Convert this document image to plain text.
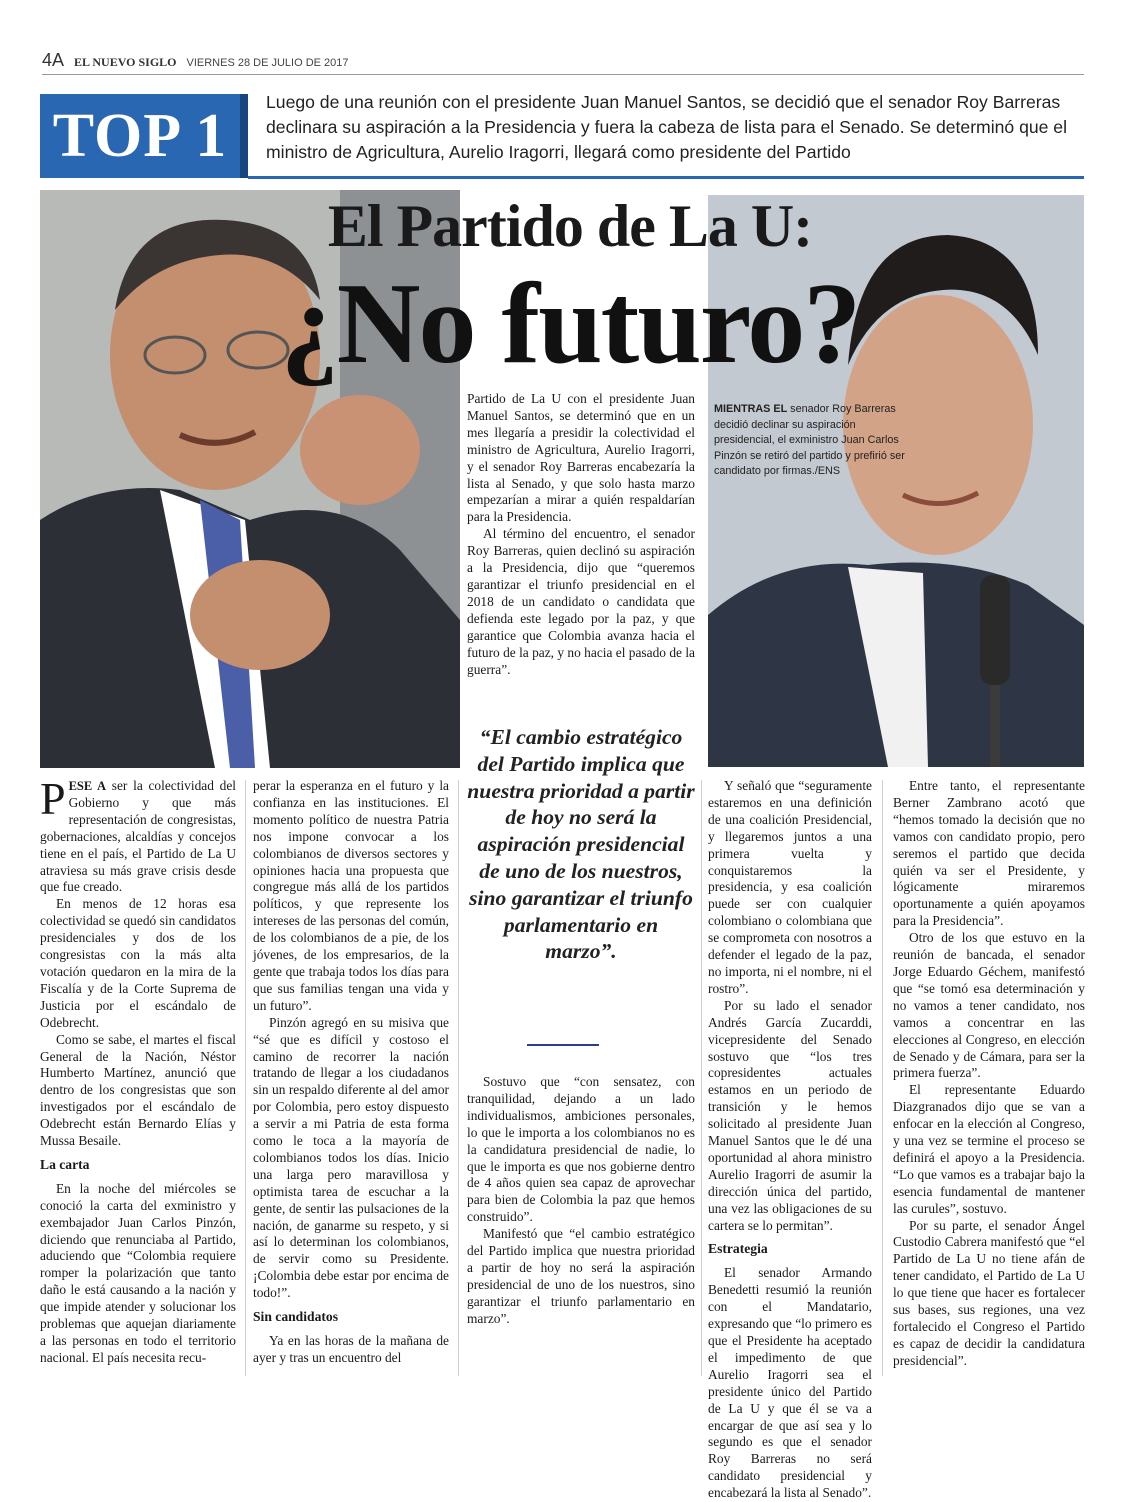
4A EL NUEVO SIGLO VIERNES 28 DE JULIO DE 2017
TOP 1 Luego de una reunión con el presidente Juan Manuel Santos, se decidió que el senador Roy Barreras declinara su aspiración a la Presidencia y fuera la cabeza de lista para el Senado. Se determinó que el ministro de Agricultura, Aurelio Iragorri, llegará como presidente del Partido
El Partido de La U:
¿No futuro?
MIENTRAS EL senador Roy Barreras decidió declinar su aspiración presidencial, el exministro Juan Carlos Pinzón se retiró del partido y prefirió ser candidato por firmas./ENS

Partido de La U con el presidente Juan Manuel Santos, se determinó que en un mes llegaría a presidir la colectividad el ministro de Agricultura, Aurelio Iragorri, y el senador Roy Barreras encabezaría la lista al Senado, y que solo hasta marzo empezarían a mirar a quién respaldarían para la Presidencia.

Al término del encuentro, el senador Roy Barreras, quien declinó su aspiración a la Presidencia, dijo que “queremos garantizar el triunfo presidencial en el 2018 de un candidato o candidata que defienda este legado por la paz, y que garantice que Colombia avanza hacia el futuro de la paz, y no hacia el pasado de la guerra”.

“El cambio estratégico del Partido implica que nuestra prioridad a partir de hoy no será la aspiración presidencial de uno de los nuestros, sino garantizar el triunfo parlamentario en marzo”.

PESE A ser la colectividad del Gobierno y que más representación de congresistas, gobernaciones, alcaldías y concejos tiene en el país, el Partido de La U atraviesa su más grave crisis desde que fue creado.

En menos de 12 horas esa colectividad se quedó sin candidatos presidenciales y dos de los congresistas con la más alta votación quedaron en la mira de la Fiscalía y de la Corte Suprema de Justicia por el escándalo de Odebrecht.

Como se sabe, el martes el fiscal General de la Nación, Néstor Humberto Martínez, anunció que dentro de los congresistas que son investigados por el escándalo de Odebrecht están Bernardo Elías y Mussa Besaile.

La carta

En la noche del miércoles se conoció la carta del exministro y exembajador Juan Carlos Pinzón, diciendo que renunciaba al Partido, aduciendo que “Colombia requiere romper la polarización que tanto daño le está causando a la nación y que impide atender y solucionar los problemas que aquejan diariamente a las personas en todo el territorio nacional. El país necesita recu-

perar la esperanza en el futuro y la confianza en las instituciones. El momento político de nuestra Patria nos impone convocar a los colombianos de diversos sectores y opiniones hacia una propuesta que congregue más allá de los partidos políticos, y que represente los intereses de las personas del común, de los colombianos de a pie, de los jóvenes, de los empresarios, de la gente que trabaja todos los días para que sus familias tengan una vida y un futuro”.

Pinzón agregó en su misiva que “sé que es difícil y costoso el camino de recorrer la nación tratando de llegar a los ciudadanos sin un respaldo diferente al del amor por Colombia, pero estoy dispuesto a servir a mi Patria de esta forma como le toca a la mayoría de colombianos todos los días. Inicio una larga pero maravillosa y optimista tarea de escuchar a la gente, de sentir las pulsaciones de la nación, de ganarme su respeto, y si así lo determinan los colombianos, de servir como su Presidente. ¡Colombia debe estar por encima de todo!”.

Sin candidatos

Ya en las horas de la mañana de ayer y tras un encuentro del

Sostuvo que “con sensatez, con tranquilidad, dejando a un lado individualismos, ambiciones personales, lo que le importa a los colombianos no es la candidatura presidencial de nadie, lo que le importa es que nos gobierne dentro de 4 años quien sea capaz de aprovechar para bien de Colombia la paz que hemos construido”.

Manifestó que “el cambio estratégico del Partido implica que nuestra prioridad a partir de hoy no será la aspiración presidencial de uno de los nuestros, sino garantizar el triunfo parlamentario en marzo”.

Y señaló que “seguramente estaremos en una definición de una coalición Presidencial, y llegaremos juntos a una primera vuelta y conquistaremos la presidencia, y esa coalición puede ser con cualquier colombiano o colombiana que se comprometa con nosotros a defender el legado de la paz, no importa, ni el nombre, ni el rostro”.

Por su lado el senador Andrés García Zucarddi, vicepresidente del Senado sostuvo que “los tres copresidentes actuales estamos en un periodo de transición y le hemos solicitado al presidente Juan Manuel Santos que le dé una oportunidad al ahora ministro Aurelio Iragorri de asumir la dirección única del partido, una vez las obligaciones de su cartera se lo permitan”.

Estrategia

El senador Armando Benedetti resumió la reunión con el Mandatario, expresando que “lo primero es que el Presidente ha aceptado el impedimento de que Aurelio Iragorri sea el presidente único del Partido de La U y que él se va a encargar de que así sea y lo segundo es que el senador Roy Barreras no será candidato presidencial y encabezará la lista al Senado”.

Entre tanto, el representante Berner Zambrano acotó que “hemos tomado la decisión que no vamos con candidato propio, pero seremos el partido que decida quién va ser el Presidente, y lógicamente miraremos oportunamente a quién apoyamos para la Presidencia”.

Otro de los que estuvo en la reunión de bancada, el senador Jorge Eduardo Géchem, manifestó que “se tomó esa determinación y no vamos a tener candidato, nos vamos a concentrar en las elecciones al Congreso, en elección de Senado y de Cámara, para ser la primera fuerza”.

El representante Eduardo Diazgranados dijo que se van a enfocar en la elección al Congreso, y una vez se termine el proceso se definirá el apoyo a la Presidencia. “Lo que vamos es a trabajar bajo la esencia fundamental de mantener las curules”, sostuvo.

Por su parte, el senador Ángel Custodio Cabrera manifestó que “el Partido de La U no tiene afán de tener candidato, el Partido de La U lo que tiene que hacer es fortalecer sus bases, sus regiones, una vez fortalecido el Congreso el Partido es capaz de decidir la candidatura presidencial”.
